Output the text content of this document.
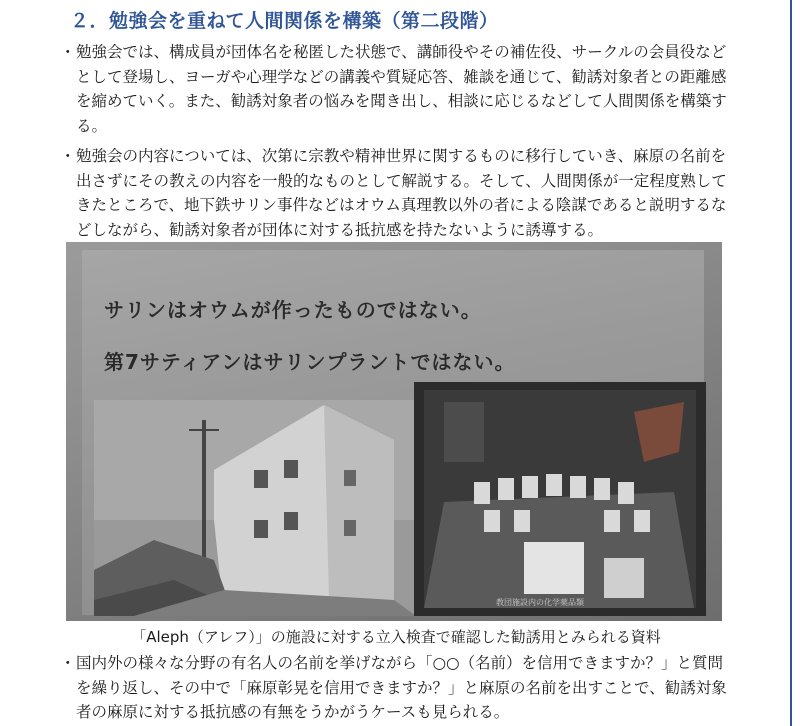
２．勉強会を重ねて人間関係を構築（第二段階）
・ 勉強会では、構成員が団体名を秘匿した状態で、講師役やその補佐役、サークルの会員役など
として登場し、ヨーガや心理学などの講義や質疑応答、雑談を通じて、勧誘対象者との距離感
を縮めていく。また、勧誘対象者の悩みを聞き出し、相談に応じるなどして人間関係を構築す
る。
・ 勉強会の内容については、次第に宗教や精神世界に関するものに移行していき、麻原の名前を
出さずにその教えの内容を一般的なものとして解説する。そして、人間関係が一定程度熟して
きたところで、地下鉄サリン事件などはオウム真理教以外の者による陰謀であると説明するな
どしながら、勧誘対象者が団体に対する抵抗感を持たないように誘導する。
サリンはオウムが作ったものではない。
第7サティアンはサリンプラントではない。
教団施設内の化学薬品類
「Aleph（アレフ）」の施設に対する立入検査で確認した勧誘用とみられる資料
・ 国内外の様々な分野の有名人の名前を挙げながら「○○（名前）を信用できますか？」と質問
を繰り返し、その中で「麻原彰晃を信用できますか？」と麻原の名前を出すことで、勧誘対象
者の麻原に対する抵抗感の有無をうかがうケースも見られる。
